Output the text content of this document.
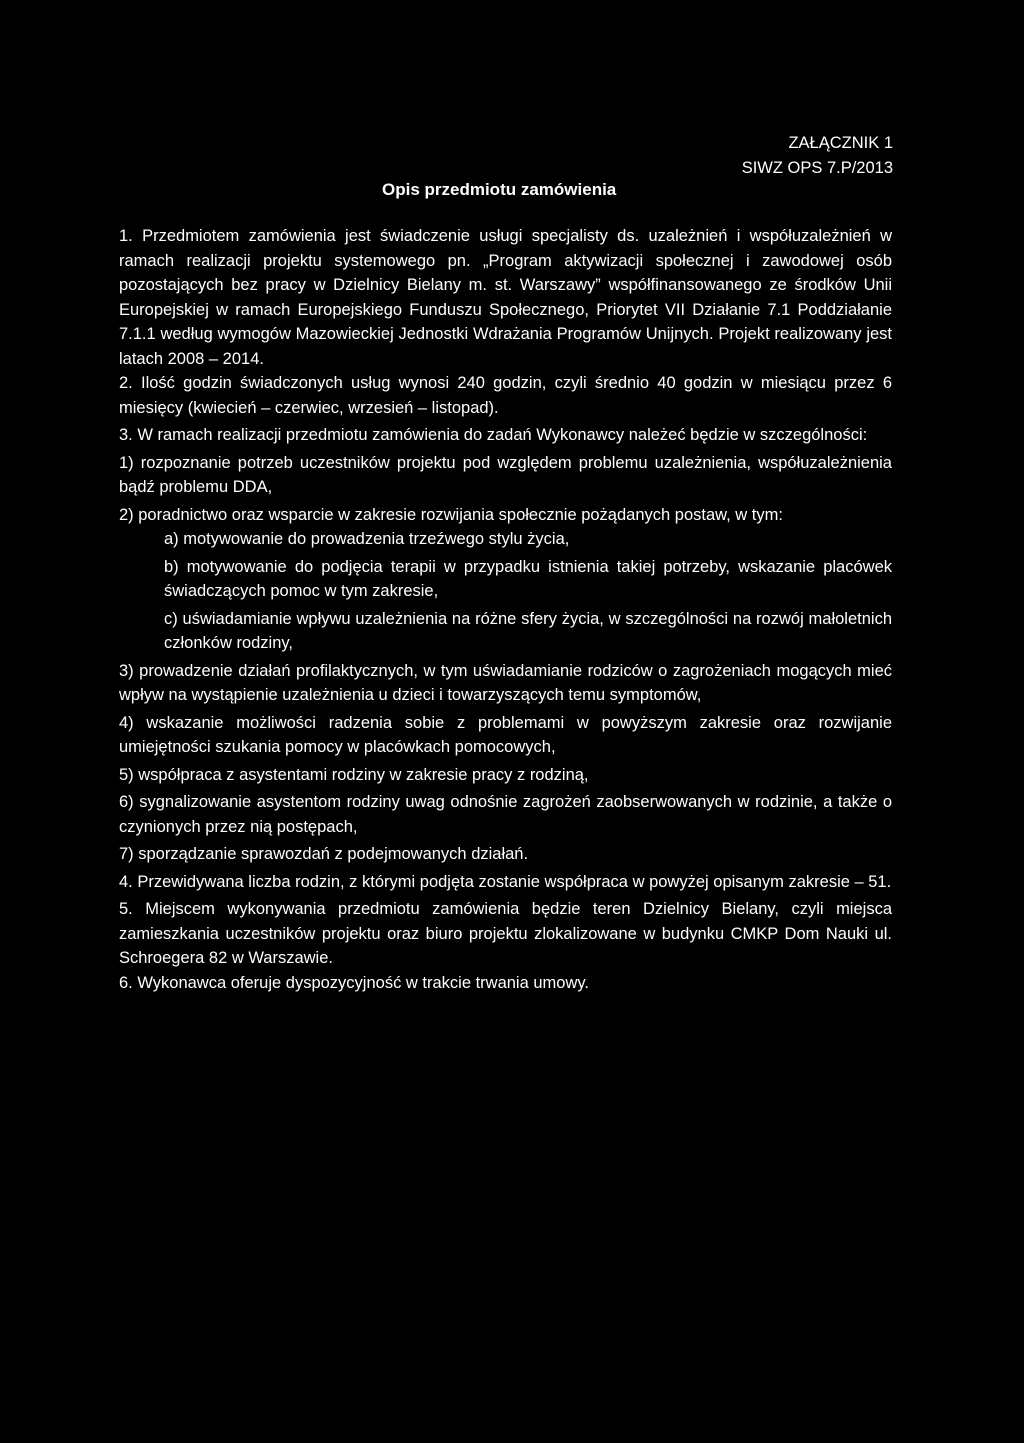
ZAŁĄCZNIK 1
SIWZ OPS 7.P/2013
Opis przedmiotu zamówienia

1. Przedmiotem zamówienia jest świadczenie usługi specjalisty ds. uzależnień i współuzależnień w ramach realizacji projektu systemowego pn. „Program aktywizacji społecznej i zawodowej osób pozostających bez pracy w Dzielnicy Bielany m. st. Warszawy” współfinansowanego ze środków Unii Europejskiej w ramach Europejskiego Funduszu Społecznego, Priorytet VII Działanie 7.1 Poddziałanie 7.1.1 według wymogów Mazowieckiej Jednostki Wdrażania Programów Unijnych. Projekt realizowany jest latach 2008 – 2014.

2. Ilość godzin świadczonych usług wynosi 240 godzin, czyli średnio 40 godzin w miesiącu przez 6 miesięcy (kwiecień – czerwiec, wrzesień – listopad).

3. W ramach realizacji przedmiotu zamówienia do zadań Wykonawcy należeć będzie w szczególności:

1) rozpoznanie potrzeb uczestników projektu pod względem problemu uzależnienia, współuzależnienia bądź problemu DDA,

2) poradnictwo oraz wsparcie w zakresie rozwijania społecznie pożądanych postaw, w tym:

a) motywowanie do prowadzenia trzeźwego stylu życia,

b) motywowanie do podjęcia terapii w przypadku istnienia takiej potrzeby, wskazanie placówek świadczących pomoc w tym zakresie,

c) uświadamianie wpływu uzależnienia na różne sfery życia, w szczególności na rozwój małoletnich członków rodziny,

3) prowadzenie działań profilaktycznych, w tym uświadamianie rodziców o zagrożeniach mogących mieć wpływ na wystąpienie uzależnienia u dzieci i towarzyszących temu symptomów,

4) wskazanie możliwości radzenia sobie z problemami w powyższym zakresie oraz rozwijanie umiejętności szukania pomocy w placówkach pomocowych,

5) współpraca z asystentami rodziny w zakresie pracy z rodziną,

6) sygnalizowanie asystentom rodziny uwag odnośnie zagrożeń zaobserwowanych w rodzinie, a także o czynionych przez nią postępach,

7) sporządzanie sprawozdań z podejmowanych działań.

4. Przewidywana liczba rodzin, z którymi podjęta zostanie współpraca w powyżej opisanym zakresie – 51.

5. Miejscem wykonywania przedmiotu zamówienia będzie teren Dzielnicy Bielany, czyli miejsca zamieszkania uczestników projektu oraz biuro projektu zlokalizowane w budynku CMKP Dom Nauki ul. Schroegera 82 w Warszawie.

6. Wykonawca oferuje dyspozycyjność w trakcie trwania umowy.
